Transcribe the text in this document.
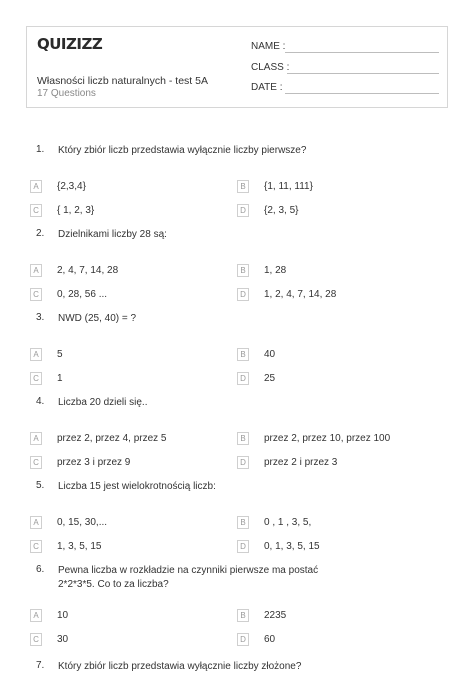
QUIZIZZ
Własności liczb naturalnych - test 5A
17 Questions
NAME :
CLASS :
DATE :
1. Który zbiór liczb przedstawia wyłącznie liczby pierwsze?
A	{2,3,4}	B	{1, 11, 111}
C	{ 1, 2, 3}	D	{2, 3, 5}
2. Dzielnikami liczby 28 są:
A	2, 4, 7, 14, 28	B	1, 28
C	0, 28, 56 ...	D	1, 2, 4, 7, 14, 28
3. NWD (25, 40) = ?
A	5	B	40
C	1	D	25
4. Liczba 20 dzieli się..
A	przez 2, przez 4, przez 5	B	przez 2, przez 10, przez 100
C	przez 3 i przez 9	D	przez 2 i przez 3
5. Liczba 15 jest wielokrotnością liczb:
A	0, 15, 30,...	B	0 , 1 , 3, 5,
C	1, 3, 5, 15	D	0, 1, 3, 5, 15
6. Pewna liczba w rozkładzie na czynniki pierwsze ma postać 2*2*3*5. Co to za liczba?
A	10	B	2235
C	30	D	60
7. Który zbiór liczb przedstawia wyłącznie liczby złożone?
